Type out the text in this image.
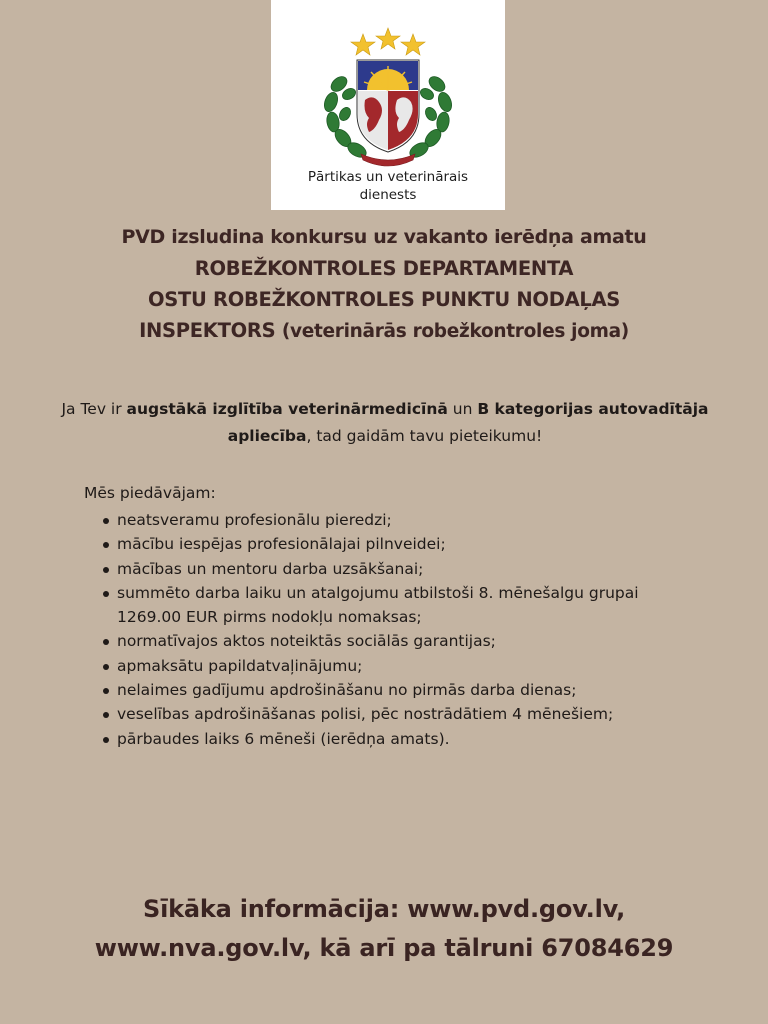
Pārtikas un veterinārais
dienests
PVD izsludina konkursu uz vakanto ierēdņa amatu
ROBEŽKONTROLES DEPARTAMENTA
OSTU ROBEŽKONTROLES PUNKTU NODAĻAS
INSPEKTORS (veterinārās robežkontroles joma)
Ja Tev ir augstākā izglītība veterinārmedicīnā un B kategorijas autovadītāja apliecība, tad gaidām tavu pieteikumu!
Mēs piedāvājam:
neatsveramu profesionālu pieredzi;
mācību iespējas profesionālajai pilnveidei;
mācības un mentoru darba uzsākšanai;
summēto darba laiku un atalgojumu atbilstoši 8. mēnešalgu grupai 1269.00 EUR pirms nodokļu nomaksas;
normatīvajos aktos noteiktās sociālās garantijas;
apmaksātu papildatvaļinājumu;
nelaimes gadījumu apdrošināšanu no pirmās darba dienas;
veselības apdrošināšanas polisi, pēc nostrādātiem 4 mēnešiem;
pārbaudes laiks 6 mēneši (ierēdņa amats).
Sīkāka informācija: www.pvd.gov.lv,
www.nva.gov.lv, kā arī pa tālruni 67084629
